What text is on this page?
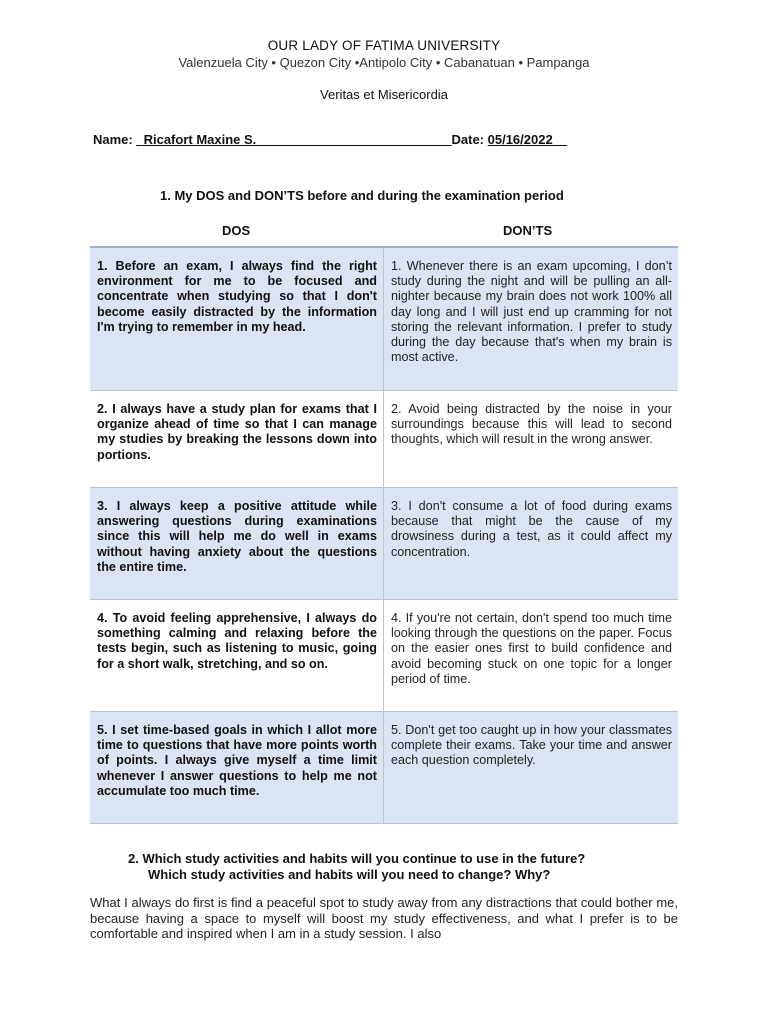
OUR LADY OF FATIMA UNIVERSITY
Valenzuela City • Quezon City •Antipolo City • Cabanatuan • Pampanga
Veritas et Misericordia
Name: _Ricafort Maxine S.___________________________Date: 05/16/2022__
1. My DOS and DON’TS before and during the examination period
DOS	DON’TS
1. Before an exam, I always find the right environment for me to be focused and concentrate when studying so that I don't become easily distracted by the information I'm trying to remember in my head.	1. Whenever there is an exam upcoming, I don’t study during the night and will be pulling an all-nighter because my brain does not work 100% all day long and I will just end up cramming for not storing the relevant information. I prefer to study during the day because that's when my brain is most active.
2. I always have a study plan for exams that I organize ahead of time so that I can manage my studies by breaking the lessons down into portions.	2. Avoid being distracted by the noise in your surroundings because this will lead to second thoughts, which will result in the wrong answer.
3. I always keep a positive attitude while answering questions during examinations since this will help me do well in exams without having anxiety about the questions the entire time.	3. I don't consume a lot of food during exams because that might be the cause of my drowsiness during a test, as it could affect my concentration.
4. To avoid feeling apprehensive, I always do something calming and relaxing before the tests begin, such as listening to music, going for a short walk, stretching, and so on.	4. If you're not certain, don't spend too much time looking through the questions on the paper. Focus on the easier ones first to build confidence and avoid becoming stuck on one topic for a longer period of time.
5. I set time-based goals in which I allot more time to questions that have more points worth of points. I always give myself a time limit whenever I answer questions to help me not accumulate too much time.	5. Don't get too caught up in how your classmates complete their exams. Take your time and answer each question completely.
2. Which study activities and habits will you continue to use in the future?
Which study activities and habits will you need to change? Why?
What I always do first is find a peaceful spot to study away from any distractions that could bother me, because having a space to myself will boost my study effectiveness, and what I prefer is to be comfortable and inspired when I am in a study session. I also
